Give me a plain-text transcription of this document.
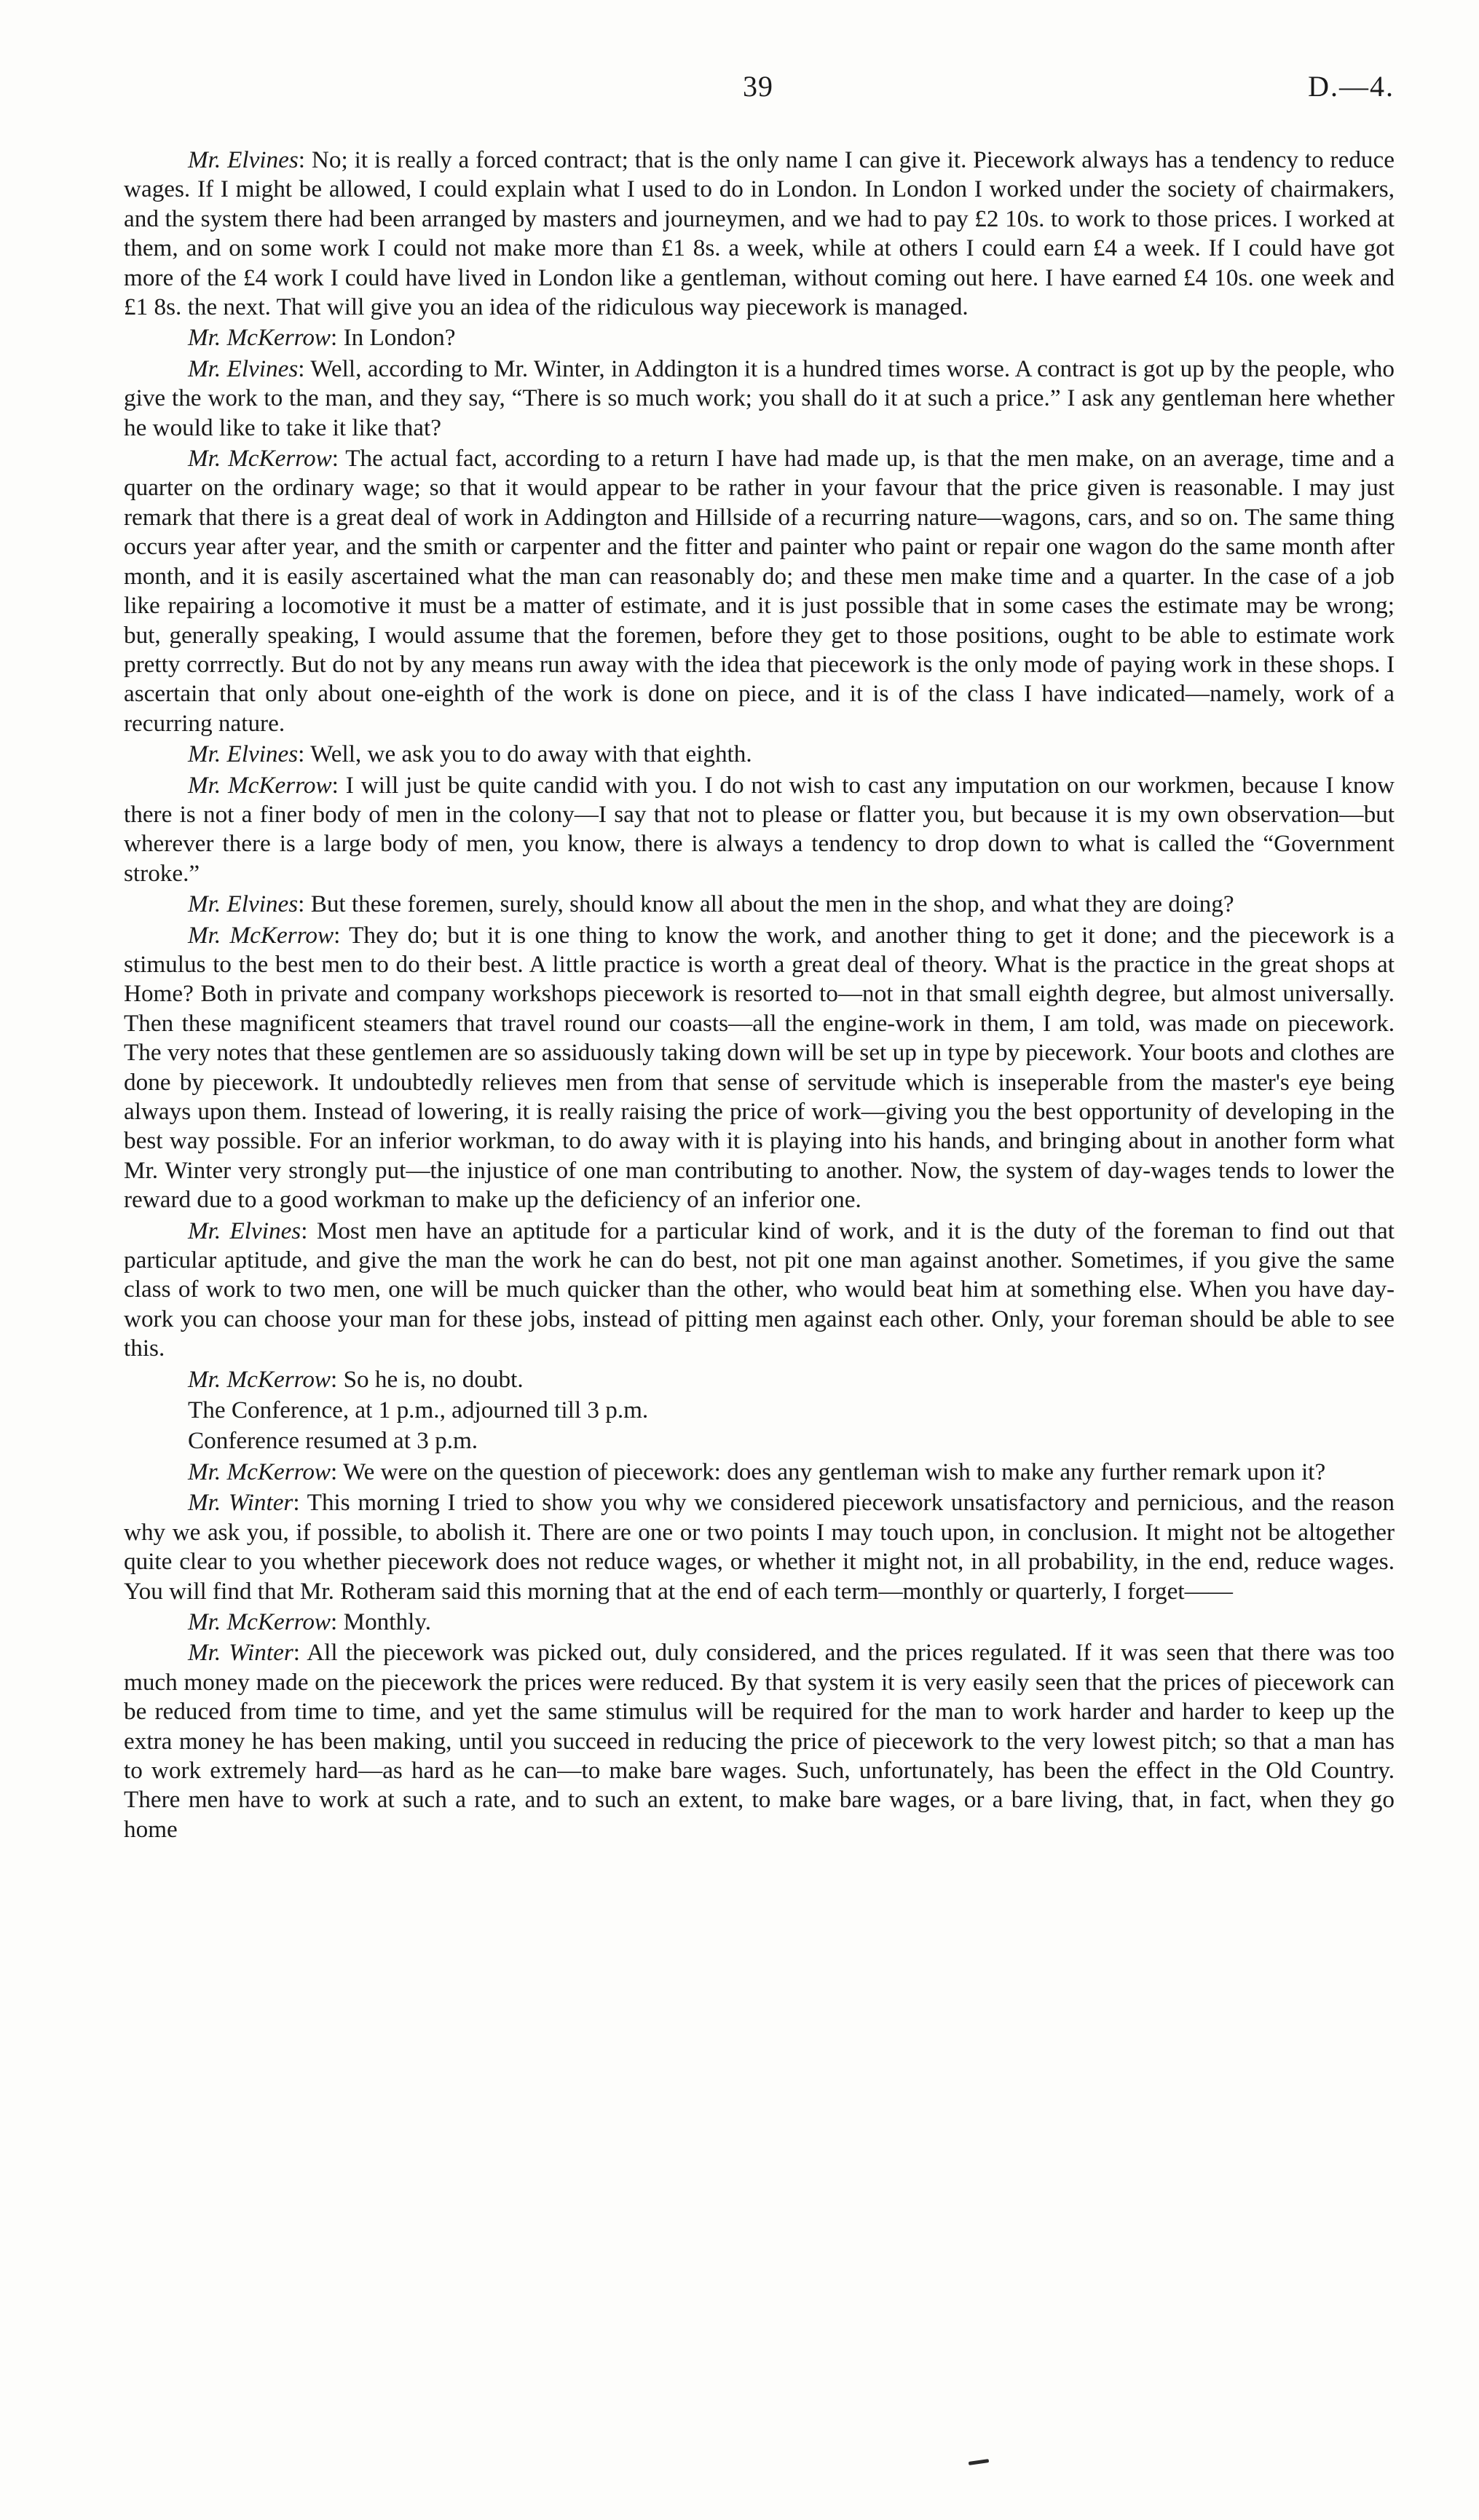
39	D.—4.

Mr. Elvines: No; it is really a forced contract; that is the only name I can give it. Piecework always has a tendency to reduce wages. If I might be allowed, I could explain what I used to do in London. In London I worked under the society of chairmakers, and the system there had been arranged by masters and journeymen, and we had to pay £2 10s. to work to those prices. I worked at them, and on some work I could not make more than £1 8s. a week, while at others I could earn £4 a week. If I could have got more of the £4 work I could have lived in London like a gentleman, without coming out here. I have earned £4 10s. one week and £1 8s. the next. That will give you an idea of the ridiculous way piecework is managed.

Mr. McKerrow: In London?

Mr. Elvines: Well, according to Mr. Winter, in Addington it is a hundred times worse. A contract is got up by the people, who give the work to the man, and they say, “There is so much work; you shall do it at such a price.” I ask any gentleman here whether he would like to take it like that?

Mr. McKerrow: The actual fact, according to a return I have had made up, is that the men make, on an average, time and a quarter on the ordinary wage; so that it would appear to be rather in your favour that the price given is reasonable. I may just remark that there is a great deal of work in Addington and Hillside of a recurring nature—wagons, cars, and so on. The same thing occurs year after year, and the smith or carpenter and the fitter and painter who paint or repair one wagon do the same month after month, and it is easily ascertained what the man can reasonably do; and these men make time and a quarter. In the case of a job like repairing a locomotive it must be a matter of estimate, and it is just possible that in some cases the estimate may be wrong; but, generally speaking, I would assume that the foremen, before they get to those positions, ought to be able to estimate work pretty corrrectly. But do not by any means run away with the idea that piecework is the only mode of paying work in these shops. I ascertain that only about one-eighth of the work is done on piece, and it is of the class I have indicated—namely, work of a recurring nature.

Mr. Elvines: Well, we ask you to do away with that eighth.

Mr. McKerrow: I will just be quite candid with you. I do not wish to cast any imputation on our workmen, because I know there is not a finer body of men in the colony—I say that not to please or flatter you, but because it is my own observation—but wherever there is a large body of men, you know, there is always a tendency to drop down to what is called the “Government stroke.”

Mr. Elvines: But these foremen, surely, should know all about the men in the shop, and what they are doing?

Mr. McKerrow: They do; but it is one thing to know the work, and another thing to get it done; and the piecework is a stimulus to the best men to do their best. A little practice is worth a great deal of theory. What is the practice in the great shops at Home? Both in private and company workshops piecework is resorted to—not in that small eighth degree, but almost universally. Then these magnificent steamers that travel round our coasts—all the engine-work in them, I am told, was made on piecework. The very notes that these gentlemen are so assiduously taking down will be set up in type by piecework. Your boots and clothes are done by piecework. It undoubtedly relieves men from that sense of servitude which is inseperable from the master's eye being always upon them. Instead of lowering, it is really raising the price of work—giving you the best opportunity of developing in the best way possible. For an inferior workman, to do away with it is playing into his hands, and bringing about in another form what Mr. Winter very strongly put—the injustice of one man contributing to another. Now, the system of day-wages tends to lower the reward due to a good workman to make up the deficiency of an inferior one.

Mr. Elvines: Most men have an aptitude for a particular kind of work, and it is the duty of the foreman to find out that particular aptitude, and give the man the work he can do best, not pit one man against another. Sometimes, if you give the same class of work to two men, one will be much quicker than the other, who would beat him at something else. When you have day-work you can choose your man for these jobs, instead of pitting men against each other. Only, your foreman should be able to see this.

Mr. McKerrow: So he is, no doubt.

The Conference, at 1 p.m., adjourned till 3 p.m.

Conference resumed at 3 p.m.

Mr. McKerrow: We were on the question of piecework: does any gentleman wish to make any further remark upon it?

Mr. Winter: This morning I tried to show you why we considered piecework unsatisfactory and pernicious, and the reason why we ask you, if possible, to abolish it. There are one or two points I may touch upon, in conclusion. It might not be altogether quite clear to you whether piecework does not reduce wages, or whether it might not, in all probability, in the end, reduce wages. You will find that Mr. Rotheram said this morning that at the end of each term—monthly or quarterly, I forget——

Mr. McKerrow: Monthly.

Mr. Winter: All the piecework was picked out, duly considered, and the prices regulated. If it was seen that there was too much money made on the piecework the prices were reduced. By that system it is very easily seen that the prices of piecework can be reduced from time to time, and yet the same stimulus will be required for the man to work harder and harder to keep up the extra money he has been making, until you succeed in reducing the price of piecework to the very lowest pitch; so that a man has to work extremely hard—as hard as he can—to make bare wages. Such, unfortunately, has been the effect in the Old Country. There men have to work at such a rate, and to such an extent, to make bare wages, or a bare living, that, in fact, when they go home
